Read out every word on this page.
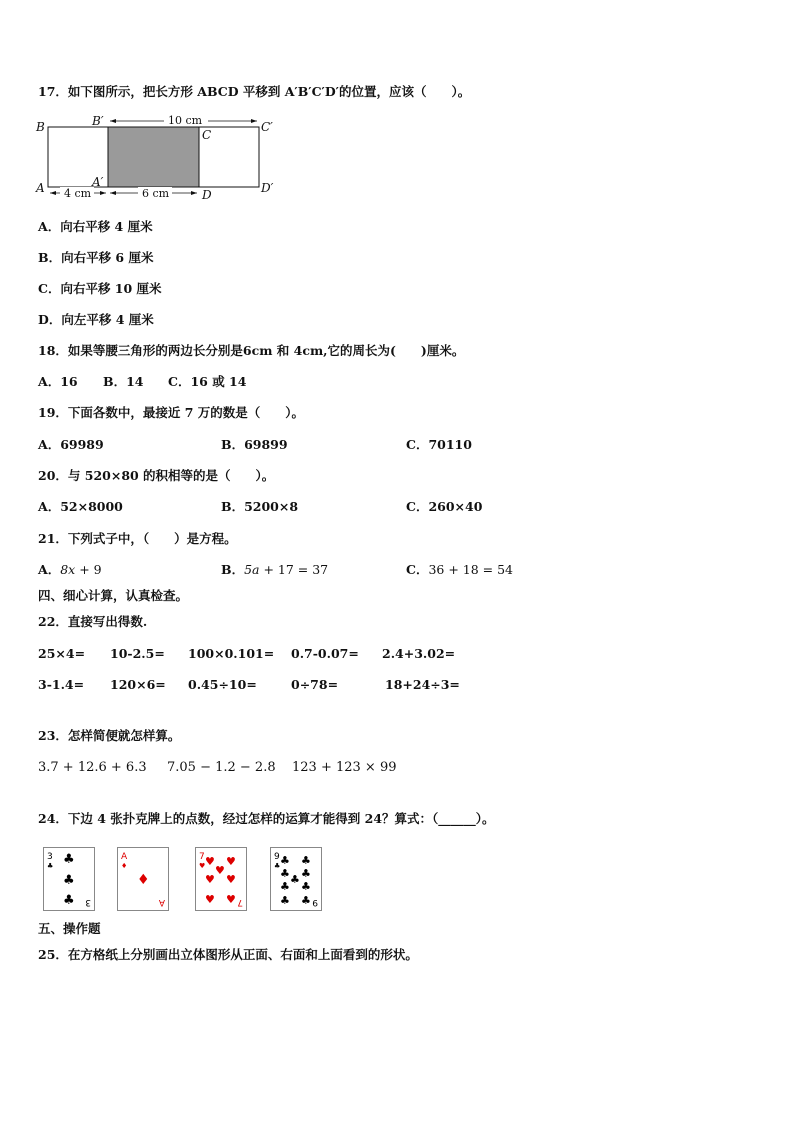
17．如下图所示，把长方形 ABCD 平移到 A′B′C′D′的位置，应该（　　）。
B	B′
C
C′
A	A′
D	D′
10 cm
4 cm	6 cm
A．向右平移 4 厘米
B．向右平移 6 厘米
C．向右平移 10 厘米
D．向左平移 4 厘米
18．如果等腰三角形的两边长分别是6cm 和 4cm,它的周长为(　　)厘米。
A．16 B．14 C．16 或 14
19．下面各数中，最接近 7 万的数是（　　）。
A．69989	B．69899	C．70110
20．与 520×80 的积相等的是（　　）。
A．52×8000	B．5200×8	C．260×40
21．下列式子中，（　　）是方程。
A．8x + 9	B．5a + 17 = 37	C．36 + 18 = 54
四、细心计算，认真检查。
22．直接写出得数.
25×4= 10-2.5= 100×0.101= 0.7-0.07= 2.4+3.02=
3-1.4= 120×6= 0.45÷10=	0÷78=	18+24÷3=
23．怎样简便就怎样算。
3.7 + 12.6 + 6.3 7.05 − 1.2 − 2.8 123 + 123 × 99
24．下边 4 张扑克牌上的点数，经过怎样的运算才能得到 24？算式：（______）。
3
♣ ♣
♣
♣ 3
A
♦
♦
A
7
♥ ♥ ♥
♥
♥ ♥
♥ ♥ 7
9
♣ ♣ ♣
♣ ♣
♣
♣ ♣
♣ ♣ 9
五、操作题
25．在方格纸上分别画出立体图形从正面、右面和上面看到的形状。
